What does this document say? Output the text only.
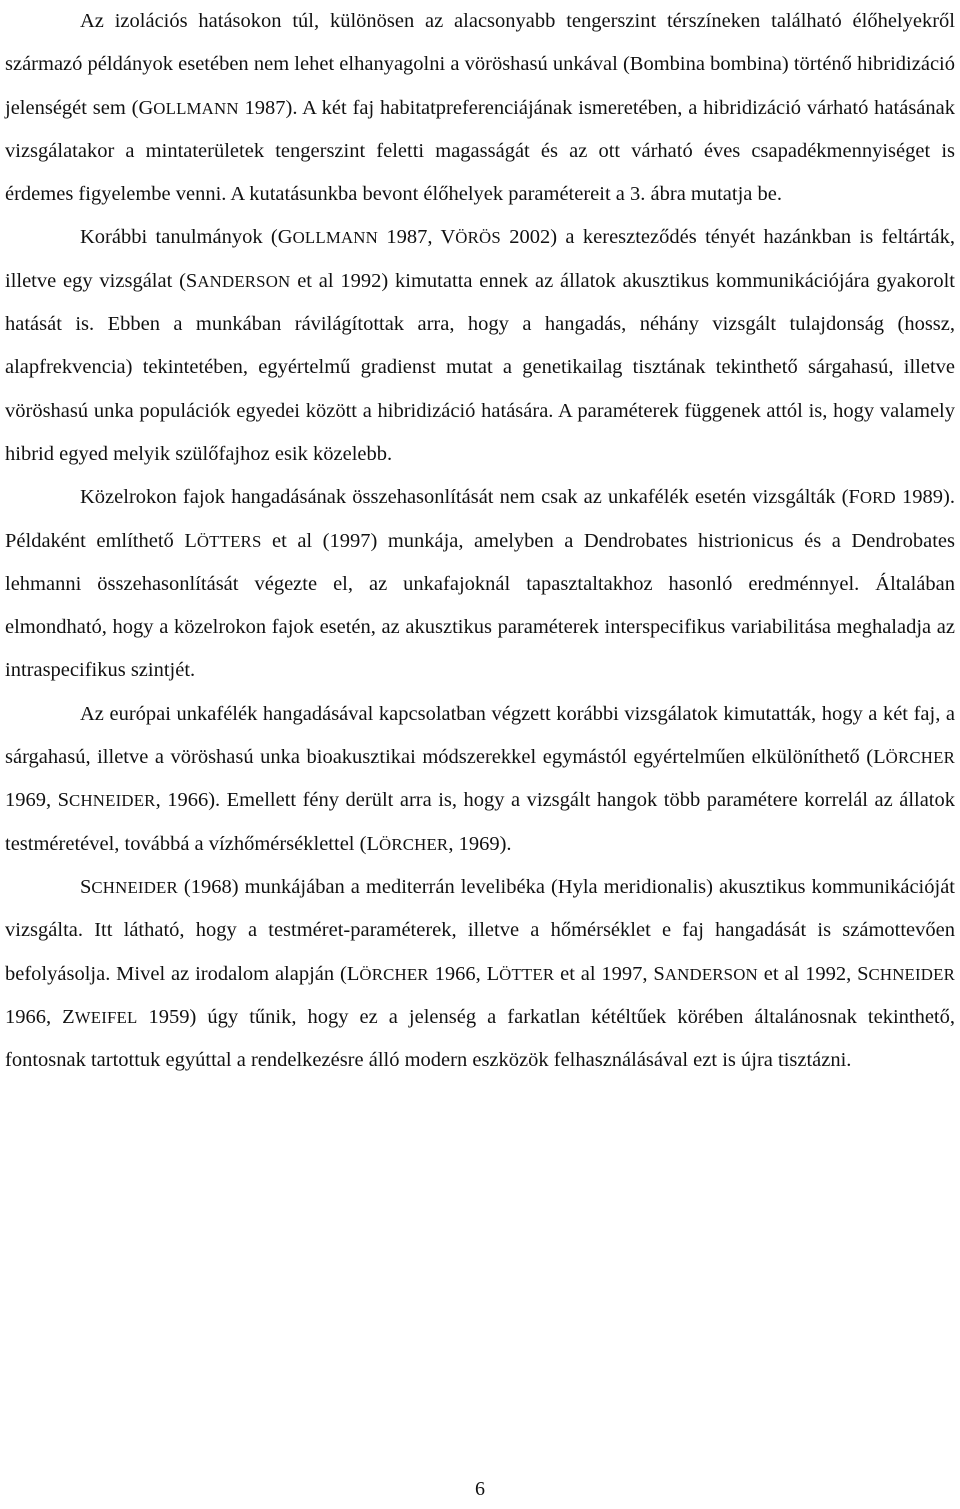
Az izolációs hatásokon túl, különösen az alacsonyabb tengerszint térszíneken található élőhelyekről származó példányok esetében nem lehet elhanyagolni a vöröshasú unkával (Bombina bombina) történő hibridizáció jelenségét sem (GOLLMANN 1987). A két faj habitatpreferenciájának ismeretében, a hibridizáció várható hatásának vizsgálatakor a mintaterületek tengerszint feletti magasságát és az ott várható éves csapadékmennyiséget is érdemes figyelembe venni. A kutatásunkba bevont élőhelyek paramétereit a 3. ábra mutatja be.

Korábbi tanulmányok (GOLLMANN 1987, VÖRÖS 2002) a kereszteződés tényét hazánkban is feltárták, illetve egy vizsgálat (SANDERSON et al 1992) kimutatta ennek az állatok akusztikus kommunikációjára gyakorolt hatását is. Ebben a munkában rávilágítottak arra, hogy a hangadás, néhány vizsgált tulajdonság (hossz, alapfrekvencia) tekintetében, egyértelmű gradienst mutat a genetikailag tisztának tekinthető sárgahasú, illetve vöröshasú unka populációk egyedei között a hibridizáció hatására. A paraméterek függenek attól is, hogy valamely hibrid egyed melyik szülőfajhoz esik közelebb.

Közelrokon fajok hangadásának összehasonlítását nem csak az unkafélék esetén vizsgálták (FORD 1989). Példaként említhető LÖTTERS et al (1997) munkája, amelyben a Dendrobates histrionicus és a Dendrobates lehmanni összehasonlítását végezte el, az unkafajoknál tapasztaltakhoz hasonló eredménnyel. Általában elmondható, hogy a közelrokon fajok esetén, az akusztikus paraméterek interspecifikus variabilitása meghaladja az intraspecifikus szintjét.

Az európai unkafélék hangadásával kapcsolatban végzett korábbi vizsgálatok kimutatták, hogy a két faj, a sárgahasú, illetve a vöröshasú unka bioakusztikai módszerekkel egymástól egyértelműen elkülöníthető (LÖRCHER 1969, SCHNEIDER, 1966). Emellett fény derült arra is, hogy a vizsgált hangok több paramétere korrelál az állatok testméretével, továbbá a vízhőmérséklettel (LÖRCHER, 1969).

SCHNEIDER (1968) munkájában a mediterrán levelibéka (Hyla meridionalis) akusztikus kommunikációját vizsgálta. Itt látható, hogy a testméret-paraméterek, illetve a hőmérséklet e faj hangadását is számottevően befolyásolja. Mivel az irodalom alapján (LÖRCHER 1966, LÖTTER et al 1997, SANDERSON et al 1992, SCHNEIDER 1966, ZWEIFEL 1959) úgy tűnik, hogy ez a jelenség a farkatlan kétéltűek körében általánosnak tekinthető, fontosnak tartottuk egyúttal a rendelkezésre álló modern eszközök felhasználásával ezt is újra tisztázni.

6
